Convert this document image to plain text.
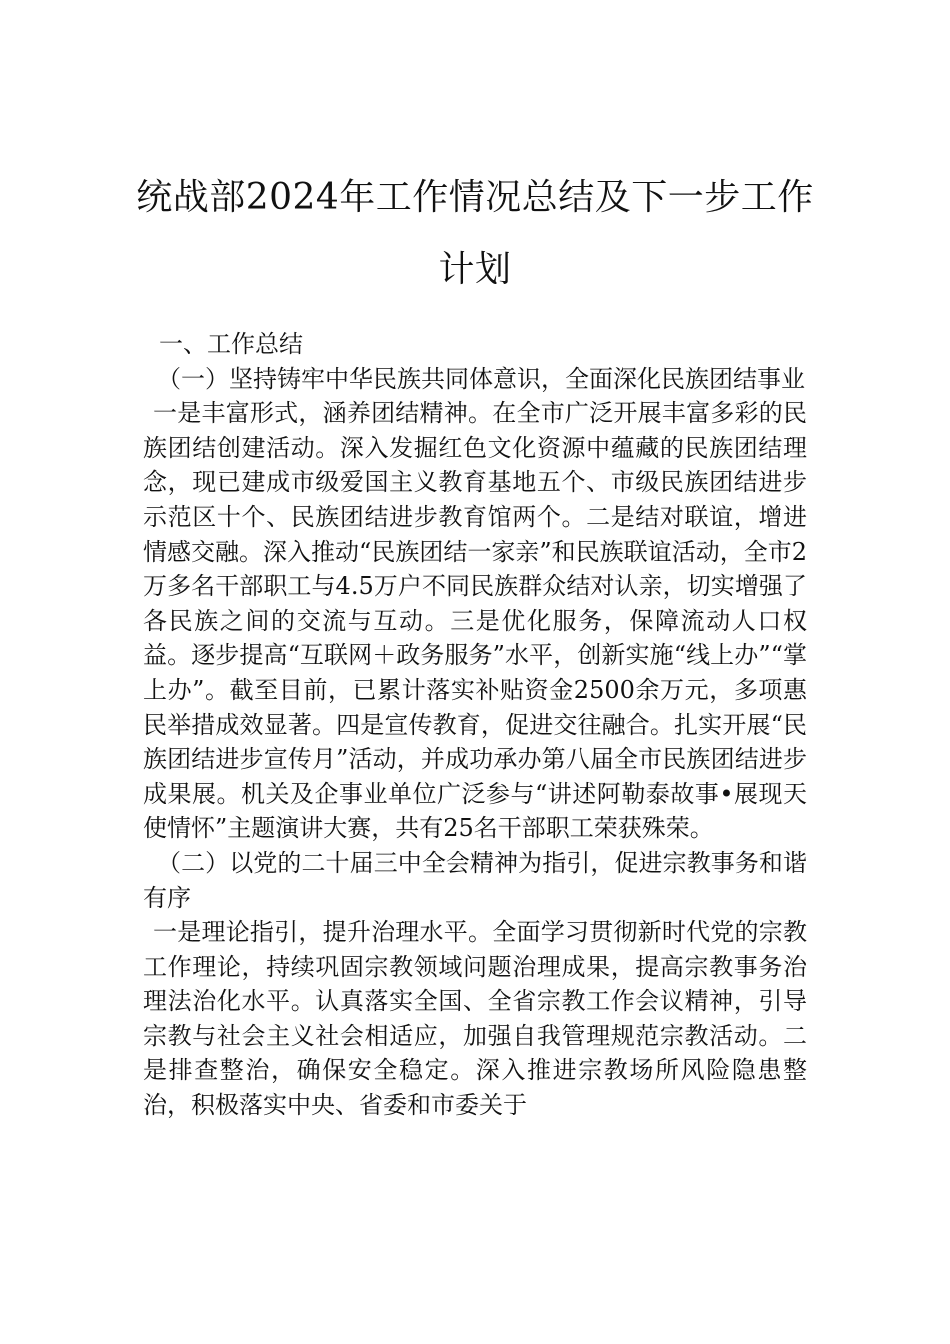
统战部2024年工作情况总结及下一步工作
计划

一、工作总结

（一）坚持铸牢中华民族共同体意识，全面深化民族团结事业

一是丰富形式，涵养团结精神。在全市广泛开展丰富多彩的民族团结创建活动。深入发掘红色文化资源中蕴藏的民族团结理念，现已建成市级爱国主义教育基地五个、市级民族团结进步示范区十个、民族团结进步教育馆两个。二是结对联谊，增进情感交融。深入推动“民族团结一家亲”和民族联谊活动，全市2万多名干部职工与4.5万户不同民族群众结对认亲，切实增强了各民族之间的交流与互动。三是优化服务，保障流动人口权益。逐步提高“互联网＋政务服务”水平，创新实施“线上办”“掌上办”。截至目前，已累计落实补贴资金2500余万元，多项惠民举措成效显著。四是宣传教育，促进交往融合。扎实开展“民族团结进步宣传月”活动，并成功承办第八届全市民族团结进步成果展。机关及企事业单位广泛参与“讲述阿勒泰故事•展现天使情怀”主题演讲大赛，共有25名干部职工荣获殊荣。

（二）以党的二十届三中全会精神为指引，促进宗教事务和谐有序

一是理论指引，提升治理水平。全面学习贯彻新时代党的宗教工作理论，持续巩固宗教领域问题治理成果，提高宗教事务治理法治化水平。认真落实全国、全省宗教工作会议精神，引导宗教与社会主义社会相适应，加强自我管理规范宗教活动。二是排查整治，确保安全稳定。深入推进宗教场所风险隐患整治，积极落实中央、省委和市委关于
